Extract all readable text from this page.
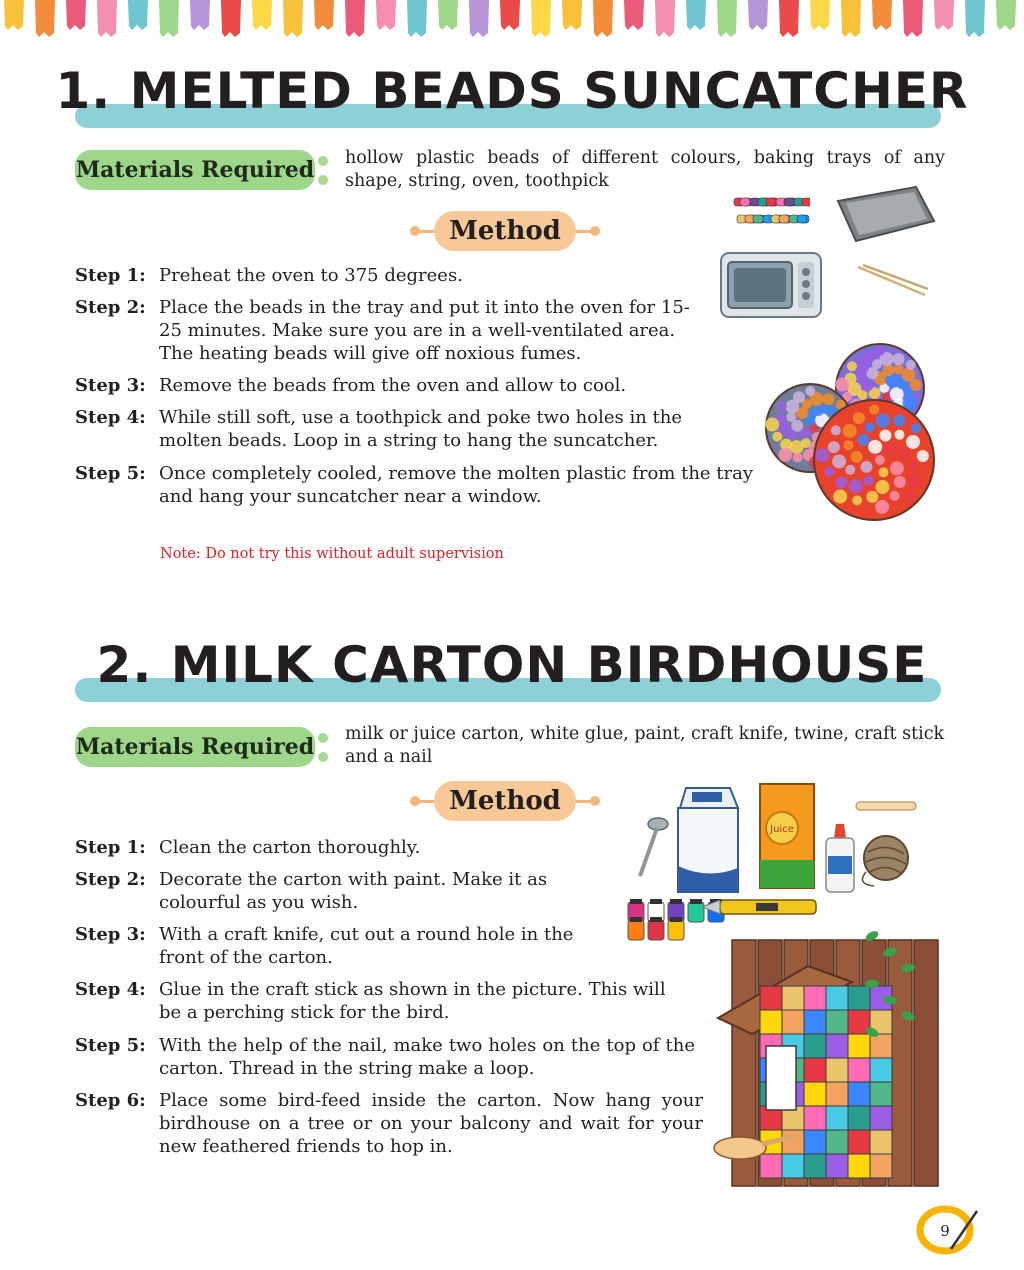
1. MELTED BEADS SUNCATCHER
Materials Required hollow plastic beads of different colours, baking trays of any shape, string, oven, toothpick
Method
Step 1: Preheat the oven to 375 degrees.
Step 2: Place the beads in the tray and put it into the oven for 15-25 minutes. Make sure you are in a well-ventilated area. The heating beads will give off noxious fumes.
Step 3: Remove the beads from the oven and allow to cool.
Step 4: While still soft, use a toothpick and poke two holes in the molten beads. Loop in a string to hang the suncatcher.
Step 5: Once completely cooled, remove the molten plastic from the tray and hang your suncatcher near a window.
Note: Do not try this without adult supervision
2. MILK CARTON BIRDHOUSE
Materials Required milk or juice carton, white glue, paint, craft knife, twine, craft stick and a nail
Method
Step 1: Clean the carton thoroughly.
Step 2: Decorate the carton with paint. Make it as colourful as you wish.
Step 3: With a craft knife, cut out a round hole in the front of the carton.
Step 4: Glue in the craft stick as shown in the picture. This will be a perching stick for the bird.
Step 5: With the help of the nail, make two holes on the top of the carton. Thread in the string make a loop.
Step 6: Place some bird-feed inside the carton. Now hang your birdhouse on a tree or on your balcony and wait for your new feathered friends to hop in.
Juice
9
